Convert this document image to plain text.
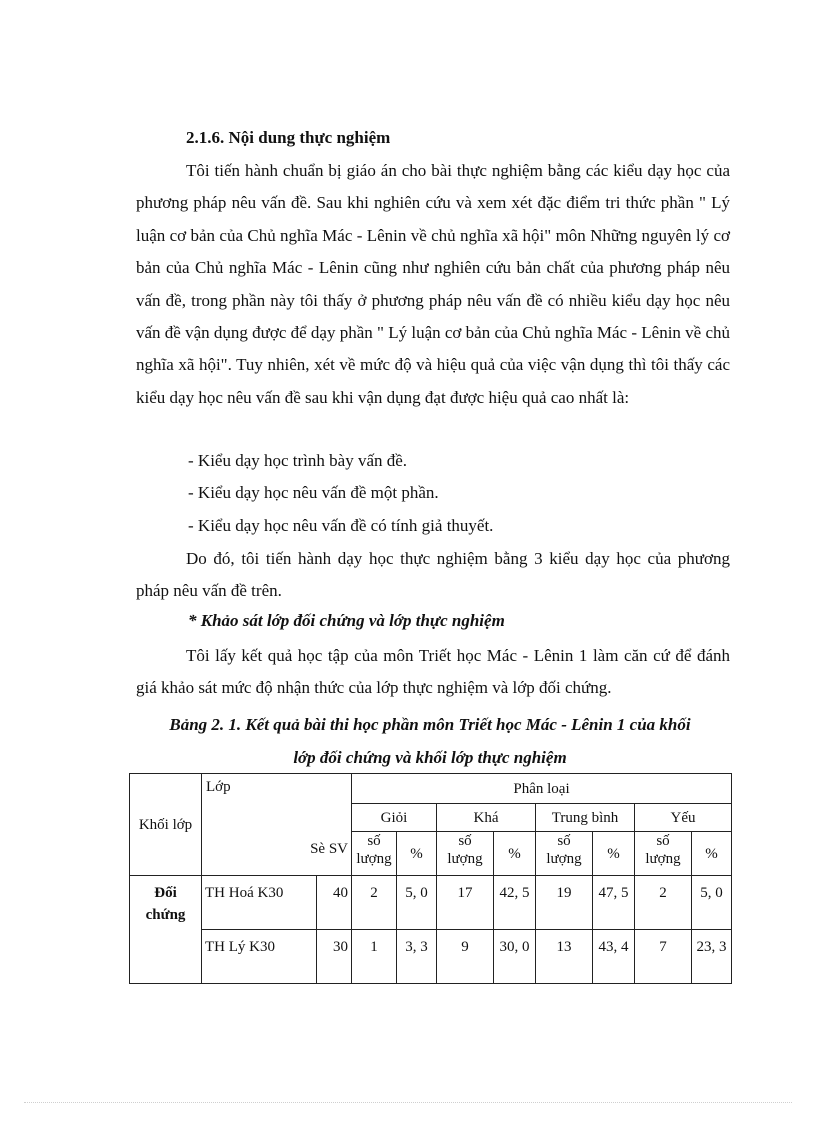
2.1.6. Nội dung thực nghiệm

Tôi tiến hành chuẩn bị giáo án cho bài thực nghiệm bằng các kiểu dạy học của phương pháp nêu vấn đề. Sau khi nghiên cứu và xem xét đặc điểm tri thức phần " Lý luận cơ bản của Chủ nghĩa Mác - Lênin về chủ nghĩa xã hội" môn Những nguyên lý cơ bản của Chủ nghĩa Mác - Lênin cũng như nghiên cứu bản chất của phương pháp nêu vấn đề, trong phần này tôi thấy ở phương pháp nêu vấn đề có nhiều kiểu dạy học nêu vấn đề vận dụng được để dạy phần " Lý luận cơ bản của Chủ nghĩa Mác - Lênin về chủ nghĩa xã hội". Tuy nhiên, xét về mức độ và hiệu quả của việc vận dụng thì tôi thấy các kiểu dạy học nêu vấn đề sau khi vận dụng đạt được hiệu quả cao nhất là:

- Kiểu dạy học trình bày vấn đề.
- Kiểu dạy học nêu vấn đề một phần.
- Kiểu dạy học nêu vấn đề có tính giả thuyết.

Do đó, tôi tiến hành dạy học thực nghiệm bằng 3 kiểu dạy học của phương pháp nêu vấn đề trên.

* Khảo sát lớp đối chứng và lớp thực nghiệm

Tôi lấy kết quả học tập của môn Triết học Mác - Lênin 1 làm căn cứ để đánh giá khảo sát mức độ nhận thức của lớp thực nghiệm và lớp đối chứng.

Bảng 2. 1. Kết quả bài thi học phần môn Triết học Mác - Lênin 1 của khối
lớp đối chứng và khối lớp thực nghiệm
Khối lớp	Lớp
Sè SV		Phân loại							
			Giỏi		Khá		Trung bình		Yếu	
			số lượng	%	số lượng	%	số lượng	%	số lượng	%
Đối chứng	TH Hoá K30	40	2	5, 0	17	42, 5	19	47, 5	2	5, 0
	TH Lý K30	30	1	3, 3	9	30, 0	13	43, 4	7	23, 3
